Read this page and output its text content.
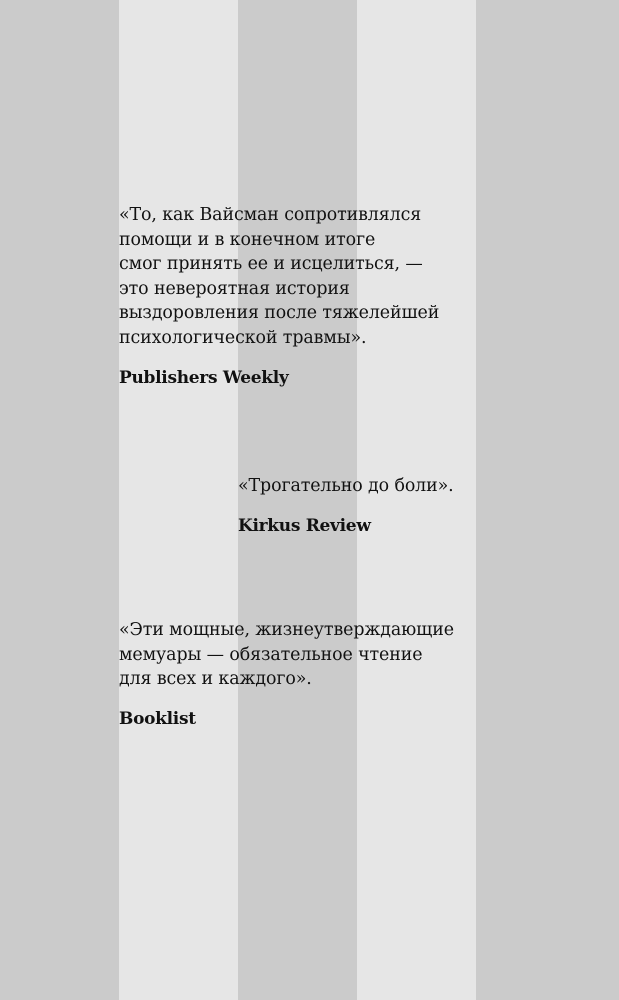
«То, как Вайсман сопротивлялся
помощи и в конечном итоге
смог принять ее и исцелиться, —
это невероятная история
выздоровления после тяжелейшей
психологической травмы».
Publishers Weekly
«Трогательно до боли».
Kirkus Review
«Эти мощные, жизнеутверждающие
мемуары — обязательное чтение
для всех и каждого».
Booklist
